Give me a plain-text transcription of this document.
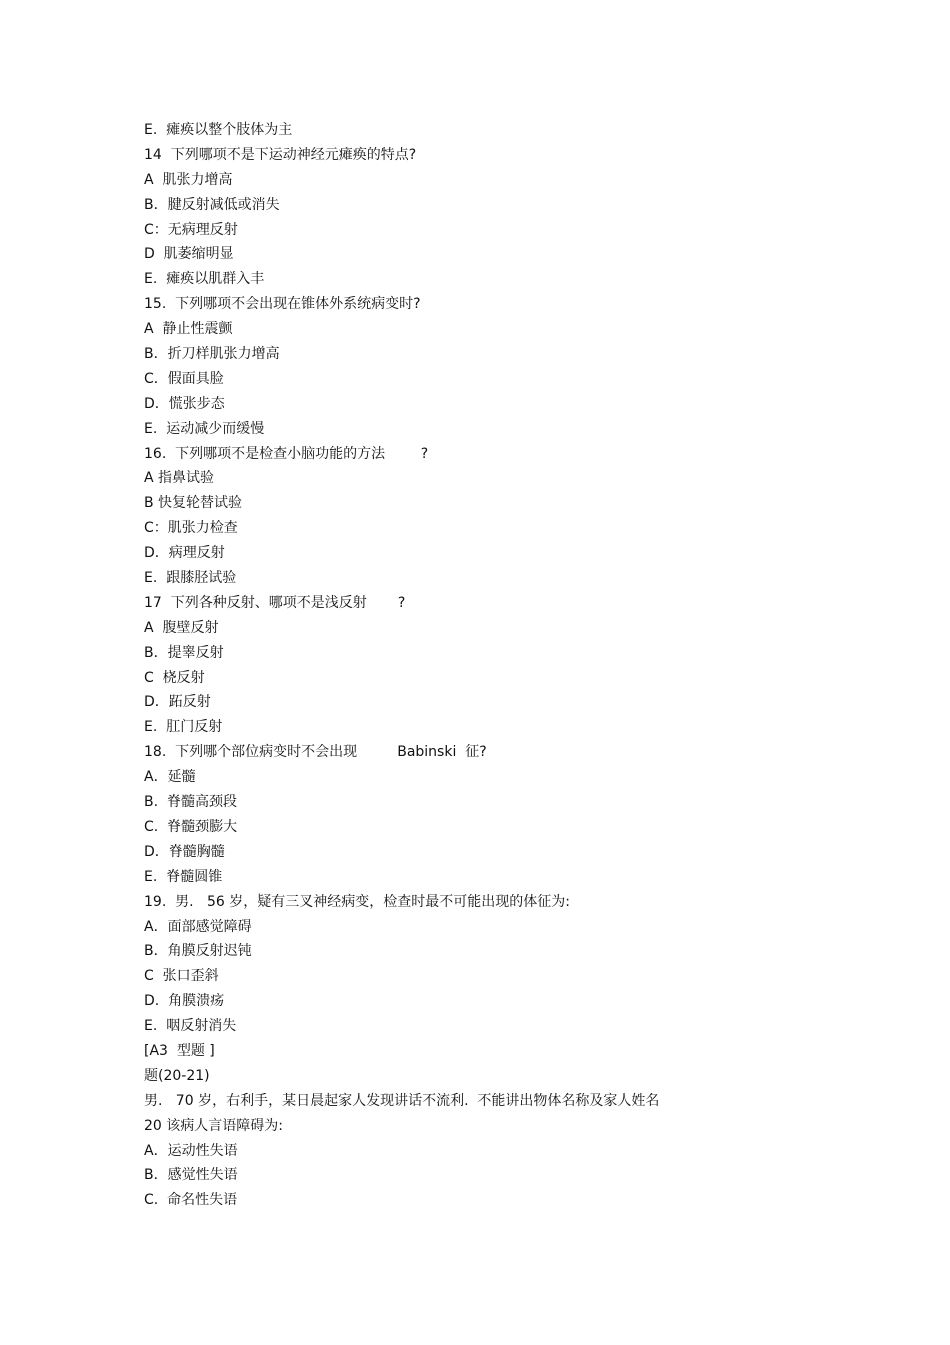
E.  瘫痪以整个肢体为主
14  下列哪项不是下运动神经元瘫痪的特点?
A  肌张力增高
B．腱反射减低或消失
C：无病理反射
D  肌萎缩明显
E.  瘫痪以肌群入丰
15.  下列哪项不会出现在锥体外系统病变时?
A  静止性震颤
B．折刀样肌张力增高
C．假面具脸
D．慌张步态
E.  运动减少而缓慢
16.  下列哪项不是检查小脑功能的方法        ?
A 指鼻试验
B 快复轮替试验
C：肌张力检查
D．病理反射
E.  跟膝胫试验
17  下列各种反射、哪项不是浅反射       ?
A  腹壁反射
B．提睾反射
C  桡反射
D．跖反射
E.  肛门反射
18.  下列哪个部位病变时不会出现         Babinski  征?
A．延髓
B.  脊髓高颈段
C.  脊髓颈膨大
D．脊髓胸髓
E.  脊髓圆锥
19.  男.   56 岁，疑有三叉神经病变，检查时最不可能出现的体征为:
A．面部感觉障碍
B．角膜反射迟钝
C  张口歪斜
D.  角膜溃疡
E.  咽反射消失
[A3  型题 ]
题(20-21)
男.   70 岁，右利手，某日晨起家人发现讲话不流利.  不能讲出物体名称及家人姓名
20 该病人言语障碍为:
A．运动性失语
B．感觉性失语
C.  命名性失语
